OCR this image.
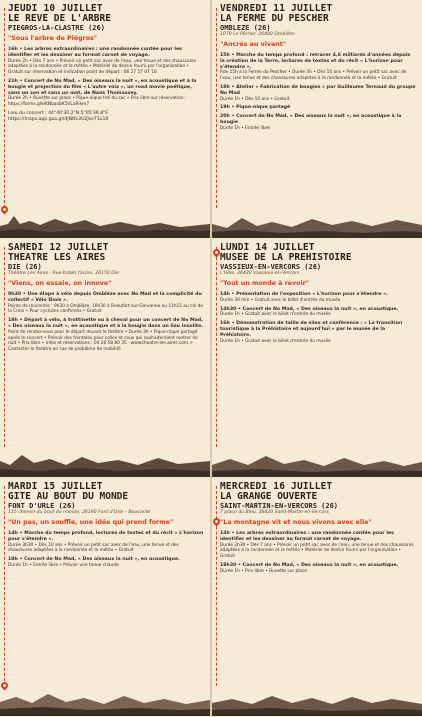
JEUDI 10 JUILLET
LE REVE DE L'ARBRE
PIEGROS-LA-CLASTRE (26)
"Sous l'arbre de Piégros"
16h • Les arbres extraordinaires : une randonnée contée pour les identifier et les dessiner au format carnet de voyage.
Durée 2h • Dès 7 ans • Prévoir un petit sac avec de l'eau, une tenue et des chaussures adaptées à la randonnée et la météo • Matériel de dessin fourni par l'organisation • Gratuit sur réservation et indication point de départ : 06 27 57 07 10
21h • Concert de No Mad, « Des oiseaux la nuit », en acoustique et à la bougie et projection du film « L'autre voix », un road movie poétique, sans un son et sans un mot, de Nans Thomassey.
Durée 2h • Buvette sur place • Pique-nique tiré du sac • Prix libre sur réservation : https://forms.gle/KNbaubK1VLuRiem7
Lieu du concert : 44°40'30.2"N 5°05'36.8"E https://maps.app.goo.gl/4JNtfx3U2Jse71x18
VENDREDI 11 JUILLET
LA FERME DU PESCHER
OMBLEZE (26)
1070 Le Pêcher, 26400 Omblèze
"Ancrés au vivant"
15h • Marche du temps profond : retracer 4,6 milliards d'années depuis la création de la Terre, lectures de textes et du récit « L'horizon pour s'étendre ».
Rdv 15h à la Ferme du Pescher • Durée 3h • Dès 10 ans • Prévoir un petit sac avec de l'eau, une tenue et des chaussures adaptées à la randonnée et la météo • Gratuit
18h • Atelier « Fabrication de bougies » par Guillaume Ternaud du groupe No Mad
Durée 1h • Dès 10 ans • Gratuit
19h • Pique-nique partagé
20h • Concert de No Mad, « Des oiseaux la nuit », en acoustique à la bougie
Durée 1h • Entrée libre
SAMEDI 12 JUILLET
THEATRE LES AIRES
DIE (26)
Théâtre Les Aires · Rue Kateb Yacine, 26150 Die
"Viens, on essaie, on innove"
9h30 • Une étape à vélo depuis Omblèze avec No Mad et la complicité du collectif « Vélo Diois ».
Points de rencontre : 9h30 à Omblèze, 10h30 à Beaufort-sur-Gervanne ou 11h15 au col de la Croix • Pour cyclistes confirmés • Gratuit
18h • Départ à vélo, à trottinette ou à cheval pour un concert de No Mad, « Des oiseaux la nuit », en acoustique et à la bougie dans un lieu insolite.
Point de rendez-vous pour le départ devant le théâtre • Durée 3h • Pique-nique partagé après le concert • Prévoir des frontales pour celles et ceux qui souhaiteraient rentrer de nuit • Prix libre • Infos et réservations : 04 26 58 80 35 · www.theatre-les-aires.com > Contacter le théâtre en cas de problème de mobilité
LUNDI 14 JUILLET
MUSEE DE LA PREHISTOIRE
VASSIEUX-EN-VERCORS (26)
L'Hôle, 26420 Vassieux-en-Vercors
"Tout un monde à revoir"
14h • Présentation de l'exposition « L'horizon pour s'étendre ».
Durée 30 min • Gratuit avec le billet d'entrée du musée
14h30 • Concert de No Mad, « Des oiseaux la nuit », en acoustique.
Durée 1h • Gratuit avec le billet d'entrée du musée
16h • Démonstration de taille de silex et conférence : « La transition touristique à la Préhistoire et aujourd'hui » par le musée de la Préhistoire.
Durée 1h • Gratuit avec le billet d'entrée du musée
MARDI 15 JUILLET
GITE AU BOUT DU MONDE
FONT D'URLE (26)
115 chemin du bout du monde, 26190 Font d'Urle – Bouvante
"Un pas, un souffle, une idée qui prend forme"
14h • Marche du temps profond, lectures de textes et du récit « L'horizon pour s'étendre ».
Durée 3h30 • Dès 10 ans • Prévoir un petit sac avec de l'eau, une tenue et des chaussures adaptées à la randonnée et la météo • Gratuit
18h • Concert de No Mad, « Des oiseaux la nuit », en acoustique.
Durée 1h • Entrée libre • Prévoir une tenue chaude
MERCREDI 16 JUILLET
LA GRANGE OUVERTE
SAINT-MARTIN-EN-VERCORS (26)
7 place du Bleu, 26420 Saint-Martin-en-Vercors
"La montagne vit et nous vivons avec elle"
14h • Les arbres extraordinaires : une randonnée contée pour les identifier et les dessiner au format carnet de voyage.
Durée 2h30 • Dès 7 ans • Prévoir un petit sac avec de l'eau, une tenue et des chaussures adaptées à la randonnée et la météo • Matériel de dessin fourni par l'organisation • Gratuit
18h30 • Concert de No Mad, « Des oiseaux la nuit », en acoustique.
Durée 1h • Prix libre • Buvette sur place
